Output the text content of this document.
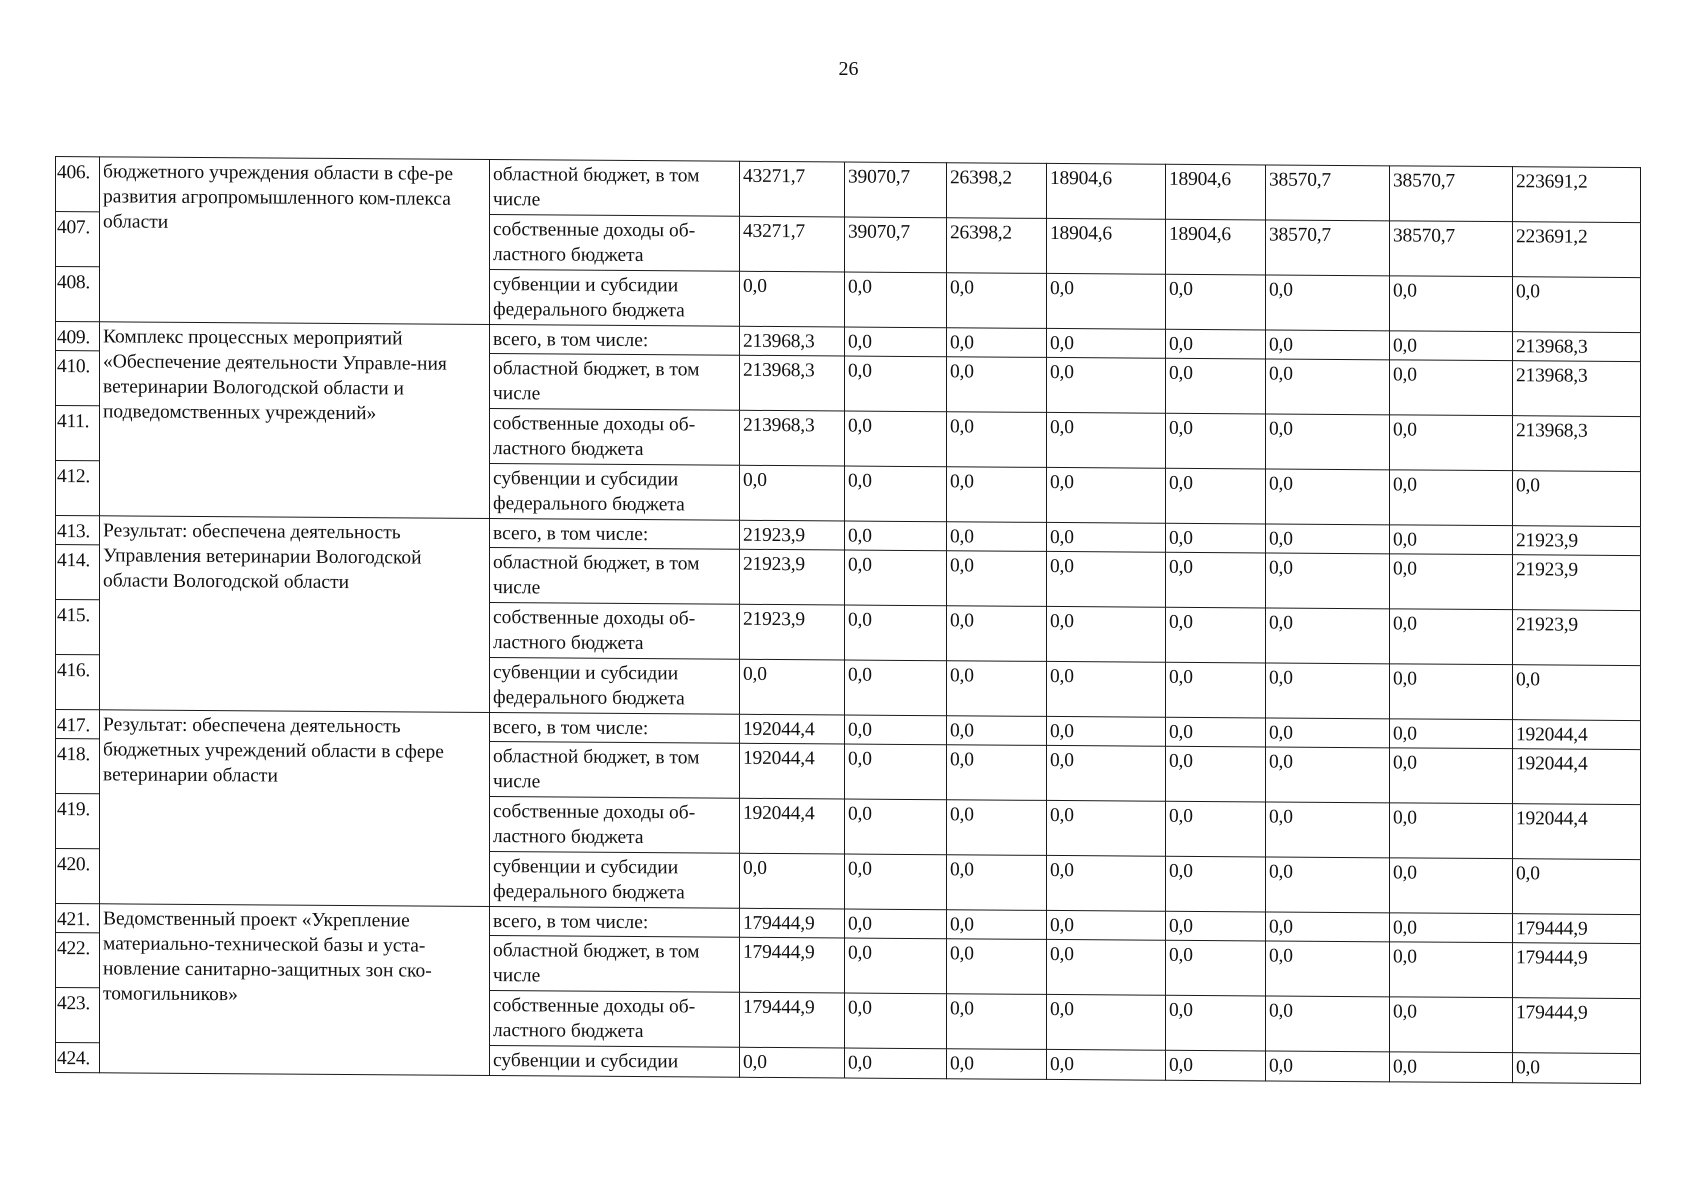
26
406.	бюджетного учреждения области в сфе-ре развития агропромышленного ком-плекса области	областной бюджет, в том числе	43271,7	39070,7	26398,2	18904,6	18904,6	38570,7	38570,7	223691,2
407.		собственные доходы об-ластного бюджета	43271,7	39070,7	26398,2	18904,6	18904,6	38570,7	38570,7	223691,2
408.		субвенции и субсидии федерального бюджета	0,0	0,0	0,0	0,0	0,0	0,0	0,0	0,0
409.	Комплекс процессных мероприятий «Обеспечение деятельности Управле-ния ветеринарии Вологодской области и подведомственных учреждений»	всего, в том числе:	213968,3	0,0	0,0	0,0	0,0	0,0	0,0	213968,3
410.		областной бюджет, в том числе	213968,3	0,0	0,0	0,0	0,0	0,0	0,0	213968,3
411.		собственные доходы об-ластного бюджета	213968,3	0,0	0,0	0,0	0,0	0,0	0,0	213968,3
412.		субвенции и субсидии федерального бюджета	0,0	0,0	0,0	0,0	0,0	0,0	0,0	0,0
413.	Результат: обеспечена деятельность Управления ветеринарии Вологодской области Вологодской области	всего, в том числе:	21923,9	0,0	0,0	0,0	0,0	0,0	0,0	21923,9
414.		областной бюджет, в том числе	21923,9	0,0	0,0	0,0	0,0	0,0	0,0	21923,9
415.		собственные доходы об-ластного бюджета	21923,9	0,0	0,0	0,0	0,0	0,0	0,0	21923,9
416.		субвенции и субсидии федерального бюджета	0,0	0,0	0,0	0,0	0,0	0,0	0,0	0,0
417.	Результат: обеспечена деятельность бюджетных учреждений области в сфере ветеринарии области	всего, в том числе:	192044,4	0,0	0,0	0,0	0,0	0,0	0,0	192044,4
418.		областной бюджет, в том числе	192044,4	0,0	0,0	0,0	0,0	0,0	0,0	192044,4
419.		собственные доходы об-ластного бюджета	192044,4	0,0	0,0	0,0	0,0	0,0	0,0	192044,4
420.		субвенции и субсидии федерального бюджета	0,0	0,0	0,0	0,0	0,0	0,0	0,0	0,0
421.	Ведомственный проект «Укрепление материально-технической базы и уста-новление санитарно-защитных зон ско-томогильников»	всего, в том числе:	179444,9	0,0	0,0	0,0	0,0	0,0	0,0	179444,9
422.		областной бюджет, в том числе	179444,9	0,0	0,0	0,0	0,0	0,0	0,0	179444,9
423.		собственные доходы об-ластного бюджета	179444,9	0,0	0,0	0,0	0,0	0,0	0,0	179444,9
424.		субвенции и субсидии	0,0	0,0	0,0	0,0	0,0	0,0	0,0	0,0
